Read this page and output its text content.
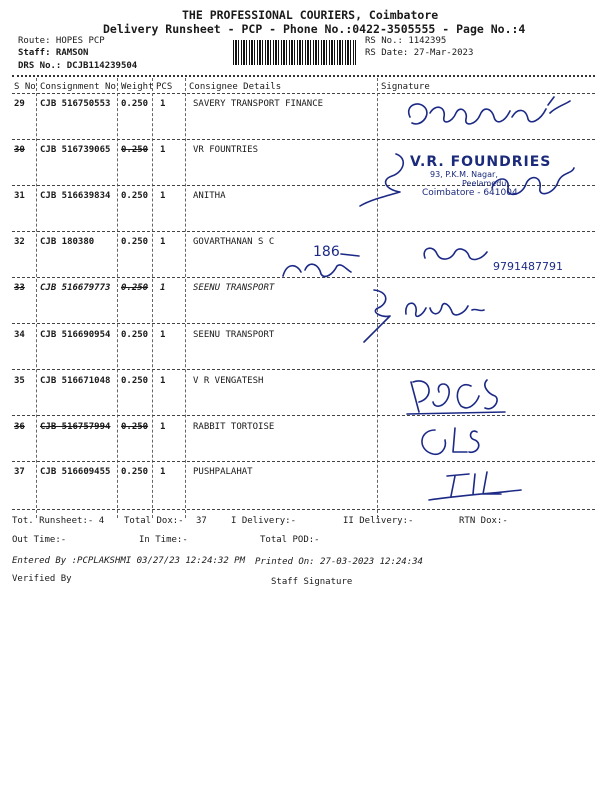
THE PROFESSIONAL COURIERS, Coimbatore
Delivery Runsheet - PCP - Phone No.:0422-3505555 - Page No.:4
Route: HOPES PCP
Staff: RAMSON
DRS No.: DCJB114239504
RS No.: 1142395
RS Date: 27-Mar-2023
S No Consignment No Weight PCS Consignee Details	Signature
29 CJB 516750553 0.250 1	SAVERY TRANSPORT FINANCE
30 CJB 516739065 0.250 1	VR FOUNTRIES
31 CJB 516639834 0.250 1	ANITHA
32 CJB 180380	0.250 1	GOVARTHANAN S C
33 CJB 516679773 0.250 1	SEENU TRANSPORT
34 CJB 516690954 0.250 1	SEENU TRANSPORT
35 CJB 516671048 0.250 1	V R VENGATESH
36 CJB 516757994 0.250 1	RABBIT TORTOISE
37 CJB 516609455 0.250 1	PUSHPALAHAT
V.R. FOUNDRIES
93, P.K.M. Nagar,
Peelamedu,
Coimbatore - 641004
186
9791487791
Tot. Runsheet:- 4 Total Dox:- 37	I Delivery:-	II Delivery:-	RTN Dox:-
Out Time:-	In Time:-	Total POD:-
Entered By :PCPLAKSHMI 03/27/23 12:24:32 PM Printed On: 27-03-2023 12:24:34
Verified By	Staff Signature
